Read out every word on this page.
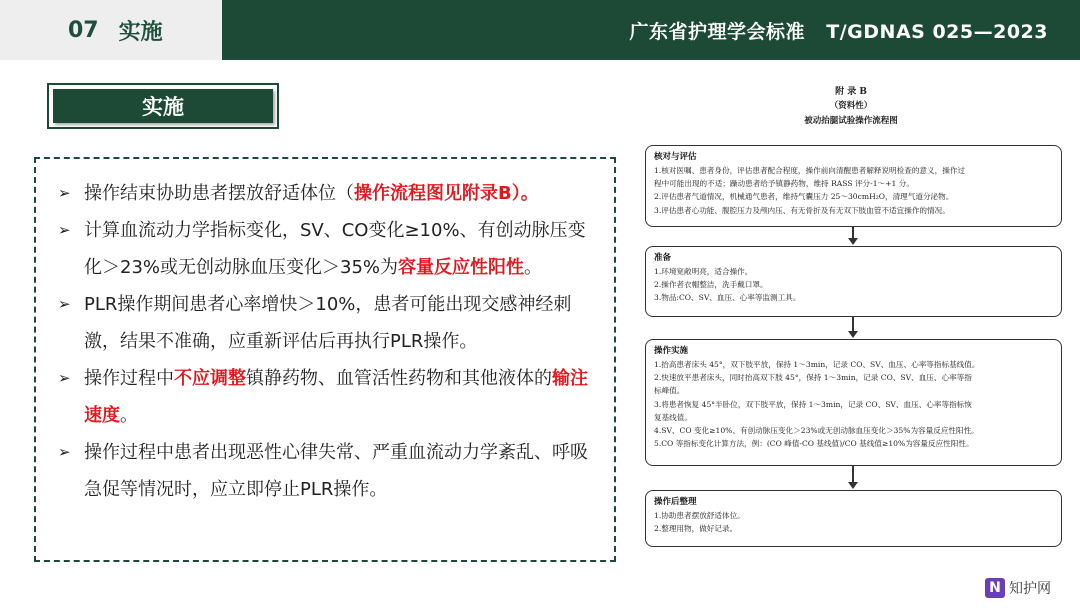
07 实施	广东省护理学会标准   T/GDNAS 025—2023
实施
➢ 操作结束协助患者摆放舒适体位（操作流程图见附录B）。
➢ 计算血流动力学指标变化，SV、CO变化≥10%、有创动脉压变化＞23%或无创动脉血压变化＞35%为容量反应性阳性。
➢ PLR操作期间患者心率增快＞10%，患者可能出现交感神经刺激，结果不准确，应重新评估后再执行PLR操作。
➢ 操作过程中不应调整镇静药物、血管活性药物和其他液体的输注速度。
➢ 操作过程中患者出现恶性心律失常、严重血流动力学紊乱、呼吸急促等情况时，应立即停止PLR操作。
附 录 B
（资料性）
被动抬腿试验操作流程图
核对与评估
1.核对医嘱、患者身份，评估患者配合程度，操作前向清醒患者解释说明检查的意义，操作过
程中可能出现的不适；躁动患者给予镇静药物，维持 RASS 评分-1～+1 分。
2.评估患者气道情况，机械通气患者，维持气囊压力 25～30cmH₂O，清理气道分泌物。
3.评估患者心功能、腹腔压力及颅内压、有无骨折及有无双下肢血管不适宜操作的情况。
准备
1.环境宽敞明亮，适合操作。
2.操作者衣帽整洁，洗手戴口罩。
3.物品:CO、SV、血压、心率等监测工具。
操作实施
1.抬高患者床头 45°，双下肢平放，保持 1～3min，记录 CO、SV、血压、心率等指标基线值。
2.快速放平患者床头，同时抬高双下肢 45°，保持 1～3min，记录 CO、SV、血压、心率等指
标峰值。
3.将患者恢复 45°半卧位，双下肢平放，保持 1～3min，记录 CO、SV、血压、心率等指标恢
复基线值。
4.SV、CO 变化≥10%、有创动脉压变化＞23%或无创动脉血压变化＞35%为容量反应性阳性。
5.CO 等指标变化计算方法，例：(CO 峰值-CO 基线值)/CO 基线值≥10%为容量反应性阳性。
操作后整理
1.协助患者摆放舒适体位。
2.整理用物，做好记录。
N 知护网
